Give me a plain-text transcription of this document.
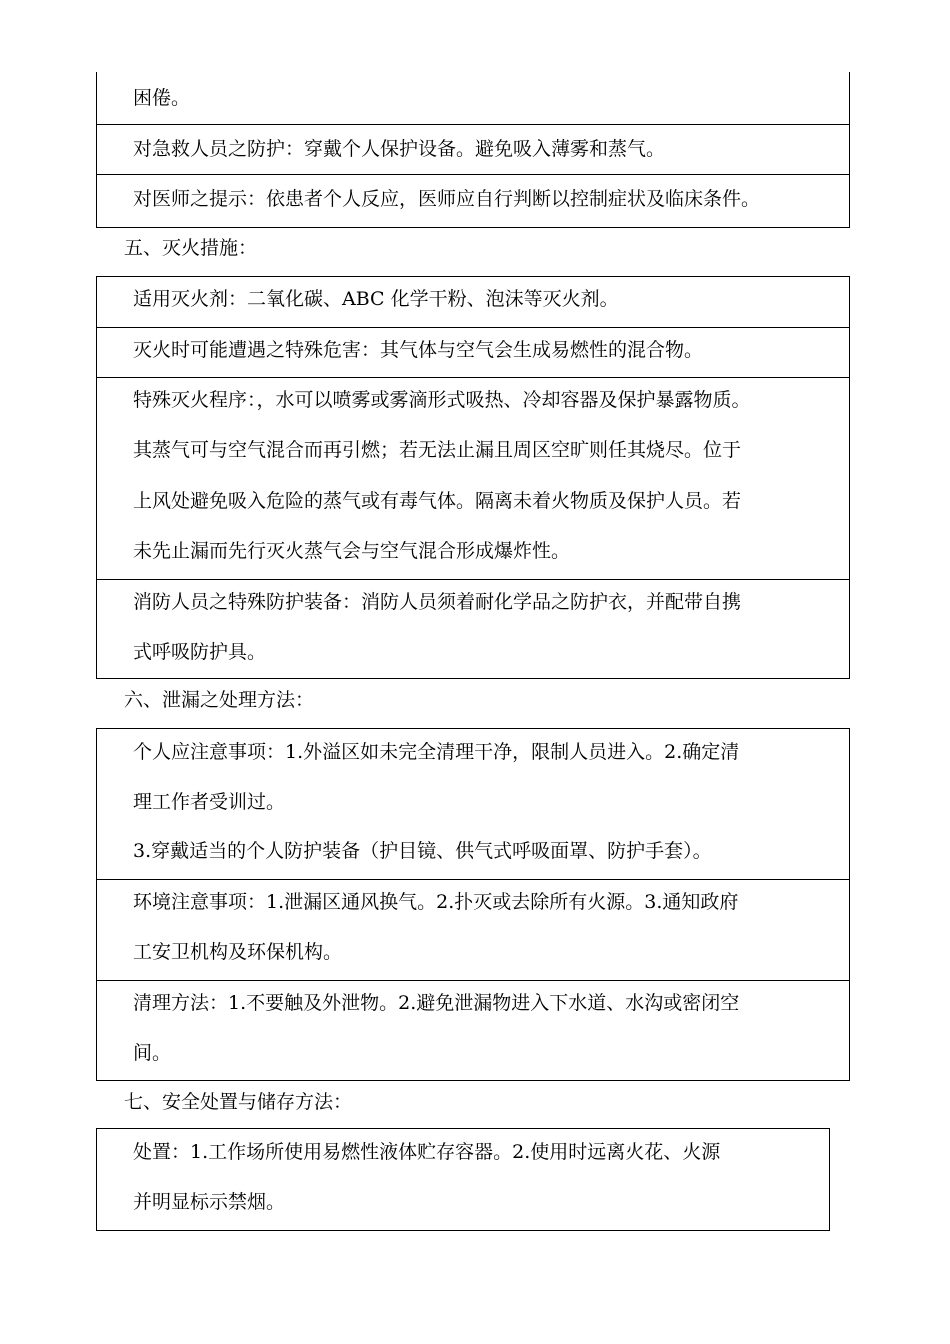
困倦。
对急救人员之防护：穿戴个人保护设备。避免吸入薄雾和蒸气。
对医师之提示：依患者个人反应，医师应自行判断以控制症状及临床条件。
五、灭火措施：
适用灭火剂：二氧化碳、ABC 化学干粉、泡沫等灭火剂。
灭火时可能遭遇之特殊危害：其气体与空气会生成易燃性的混合物。
特殊灭火程序：，水可以喷雾或雾滴形式吸热、冷却容器及保护暴露物质。
其蒸气可与空气混合而再引燃；若无法止漏且周区空旷则任其烧尽。位于
上风处避免吸入危险的蒸气或有毒气体。隔离未着火物质及保护人员。若
未先止漏而先行灭火蒸气会与空气混合形成爆炸性。
消防人员之特殊防护装备：消防人员须着耐化学品之防护衣，并配带自携
式呼吸防护具。
六、泄漏之处理方法：
个人应注意事项：1.外溢区如未完全清理干净，限制人员进入。2.确定清
理工作者受训过。
3.穿戴适当的个人防护装备（护目镜、供气式呼吸面罩、防护手套）。
环境注意事项：1.泄漏区通风换气。2.扑灭或去除所有火源。3.通知政府
工安卫机构及环保机构。
清理方法：1.不要触及外泄物。2.避免泄漏物进入下水道、水沟或密闭空
间。
七、安全处置与储存方法：
处置：1.工作场所使用易燃性液体贮存容器。2.使用时远离火花、火源
并明显标示禁烟。
